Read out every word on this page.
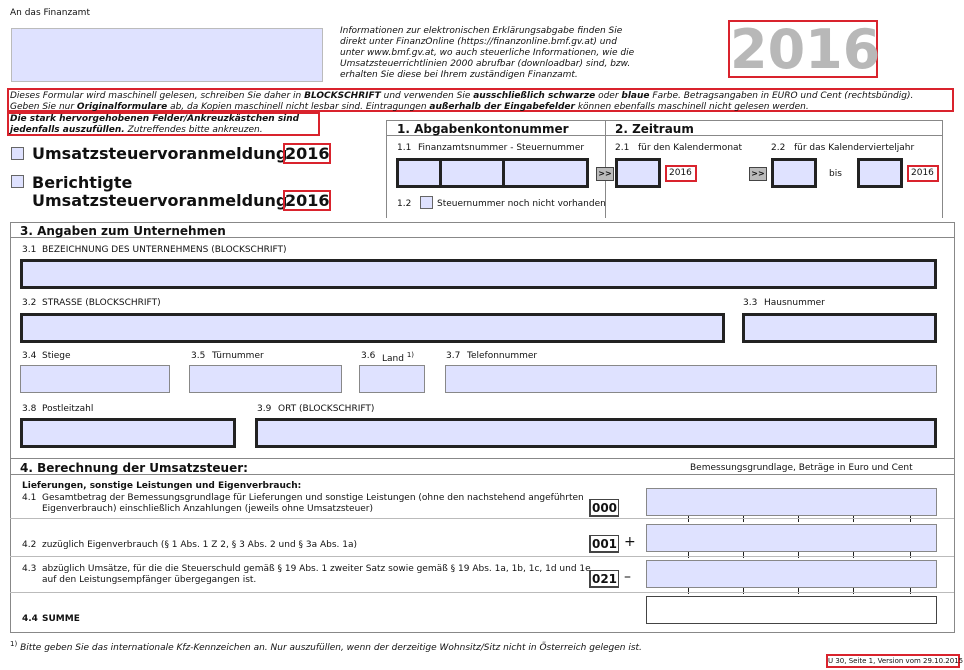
An das Finanzamt
Informationen zur elektronischen Erklärungsabgabe finden Sie direkt unter FinanzOnline (https://finanzonline.bmf.gv.at) und unter www.bmf.gv.at, wo auch steuerliche Informationen, wie die Umsatzsteuerrichtlinien 2000 abrufbar (downloadbar) sind, bzw. erhalten Sie diese bei Ihrem zuständigen Finanzamt.	2016
Dieses Formular wird maschinell gelesen, schreiben Sie daher in BLOCKSCHRIFT und verwenden Sie ausschließlich schwarze oder blaue Farbe. Betragsangaben in EURO und Cent (rechtsbündig).
Geben Sie nur Originalformulare ab, da Kopien maschinell nicht lesbar sind. Eintragungen außerhalb der Eingabefelder können ebenfalls maschinell nicht gelesen werden.
Die stark hervorgehobenen Felder/Ankreuzkästchen sind
jedenfalls auszufüllen. Zutreffendes bitte ankreuzen.
Umsatzsteuervoranmeldung
2016
Berichtigte
Umsatzsteuervoranmeldung
2016
1. Abgabenkontonummer	2. Zeitraum
1.1 Finanzamtsnummer - Steuernummer
1.2	Steuernummer noch nicht vorhanden
2.1 für den Kalendermonat
>>	2016
2.2 für das Kalendervierteljahr
>>	bis	2016
3. Angaben zum Unternehmen
3.1 BEZEICHNUNG DES UNTERNEHMENS (BLOCKSCHRIFT)
3.2 STRASSE (BLOCKSCHRIFT)	3.3 Hausnummer
3.4 Stiege	3.5 Türnummer	3.6 Land $^{1)}$	3.7 Telefonnummer
3.8 Postleitzahl	3.9 ORT (BLOCKSCHRIFT)
4. Berechnung der Umsatzsteuer:	Bemessungsgrundlage, Beträge in Euro und Cent
Lieferungen, sonstige Leistungen und Eigenverbrauch:
4.1 Gesamtbetrag der Bemessungsgrundlage für Lieferungen und sonstige Leistungen (ohne den nachstehend angeführten
Eigenverbrauch) einschließlich Anzahlungen (jeweils ohne Umsatzsteuer)	000
4.2 zuzüglich Eigenverbrauch (§ 1 Abs. 1 Z 2, § 3 Abs. 2 und § 3a Abs. 1a)	001 +
4.3 abzüglich Umsätze, für die die Steuerschuld gemäß § 19 Abs. 1 zweiter Satz sowie gemäß § 19 Abs. 1a, 1b, 1c, 1d und 1e
auf den Leistungsempfänger übergegangen ist.	021 –
4.4 SUMME
$^{1)}$ Bitte geben Sie das internationale Kfz-Kennzeichen an. Nur auszufüllen, wenn der derzeitige Wohnsitz/Sitz nicht in Österreich gelegen ist.
U 30, Seite 1, Version vom 29.10.2015
